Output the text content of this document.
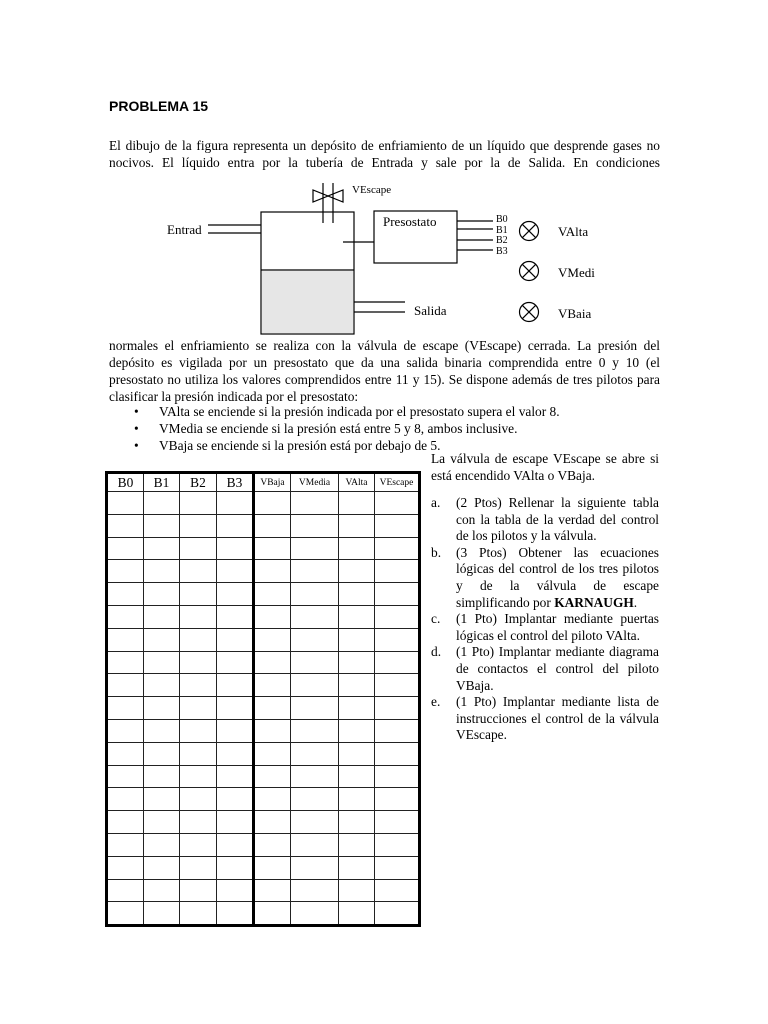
PROBLEMA 15
El dibujo de la figura representa un depósito de enfriamiento de un líquido que desprende gases no nocivos. El líquido entra por la tubería de Entrada y sale por la de Salida. En condiciones
VEscape
Entrad
Presostato
Salida
B0
B1
B2
B3
VAlta
VMedi
VBaia
normales el enfriamiento se realiza con la válvula de escape (VEscape) cerrada. La presión del depósito es vigilada por un presostato que da una salida binaria comprendida entre 0 y 10 (el presostato no utiliza los valores comprendidos entre 11 y 15). Se dispone además de tres pilotos para clasificar la presión indicada por el presostato:
• VAlta se enciende si la presión indicada por el presostato supera el valor 8.
• VMedia se enciende si la presión está entre 5 y 8, ambos inclusive.
• VBaja se enciende si la presión está por debajo de 5.
La válvula de escape VEscape se abre si está encendido VAlta o VBaja.
a. (2 Ptos) Rellenar la siguiente tabla con la tabla de la verdad del control de los pilotos y la válvula.
b. (3 Ptos) Obtener las ecuaciones lógicas del control de los tres pilotos y de la válvula de escape simplificando por KARNAUGH.
c. (1 Pto) Implantar mediante puertas lógicas el control del piloto VAlta.
d. (1 Pto) Implantar mediante diagrama de contactos el control del piloto VBaja.
e. (1 Pto) Implantar mediante lista de instrucciones el control de la válvula VEscape.
B0	B1	B2	B3	VBaja	VMedia	VAlta	VEscape
